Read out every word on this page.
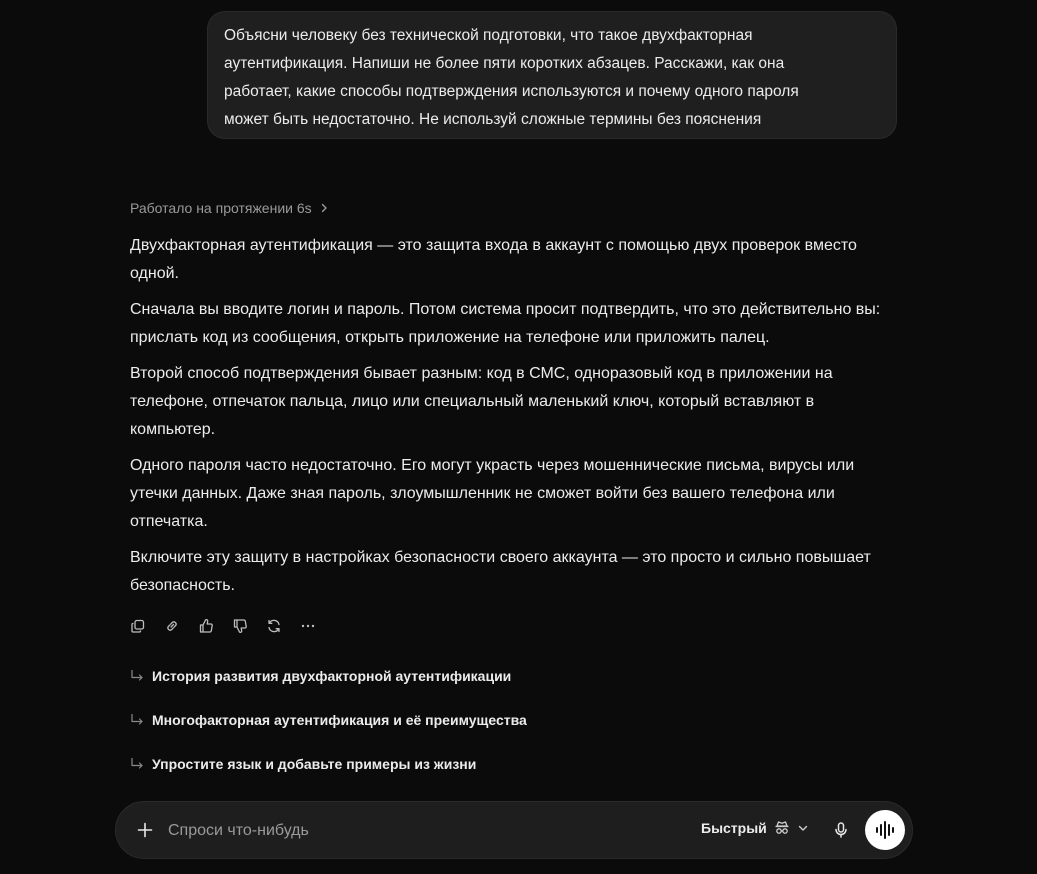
Объясни человеку без технической подготовки, что такое двухфакторная
аутентификация. Напиши не более пяти коротких абзацев. Расскажи, как она
работает, какие способы подтверждения используются и почему одного пароля
может быть недостаточно. Не используй сложные термины без пояснения
Работало на протяжении 6s

Двухфакторная аутентификация — это защита входа в аккаунт с помощью двух проверок вместо одной.

Сначала вы вводите логин и пароль. Потом система просит подтвердить, что это действительно вы: прислать код из сообщения, открыть приложение на телефоне или приложить палец.

Второй способ подтверждения бывает разным: код в СМС, одноразовый код в приложении на телефоне, отпечаток пальца, лицо или специальный маленький ключ, который вставляют в компьютер.

Одного пароля часто недостаточно. Его могут украсть через мошеннические письма, вирусы или утечки данных. Даже зная пароль, злоумышленник не сможет войти без вашего телефона или отпечатка.

Включите эту защиту в настройках безопасности своего аккаунта — это просто и сильно повышает безопасность.

История развития двухфакторной аутентификации
Многофакторная аутентификация и её преимущества
Упростите язык и добавьте примеры из жизни
Спроси что-нибудь
Быстрый
